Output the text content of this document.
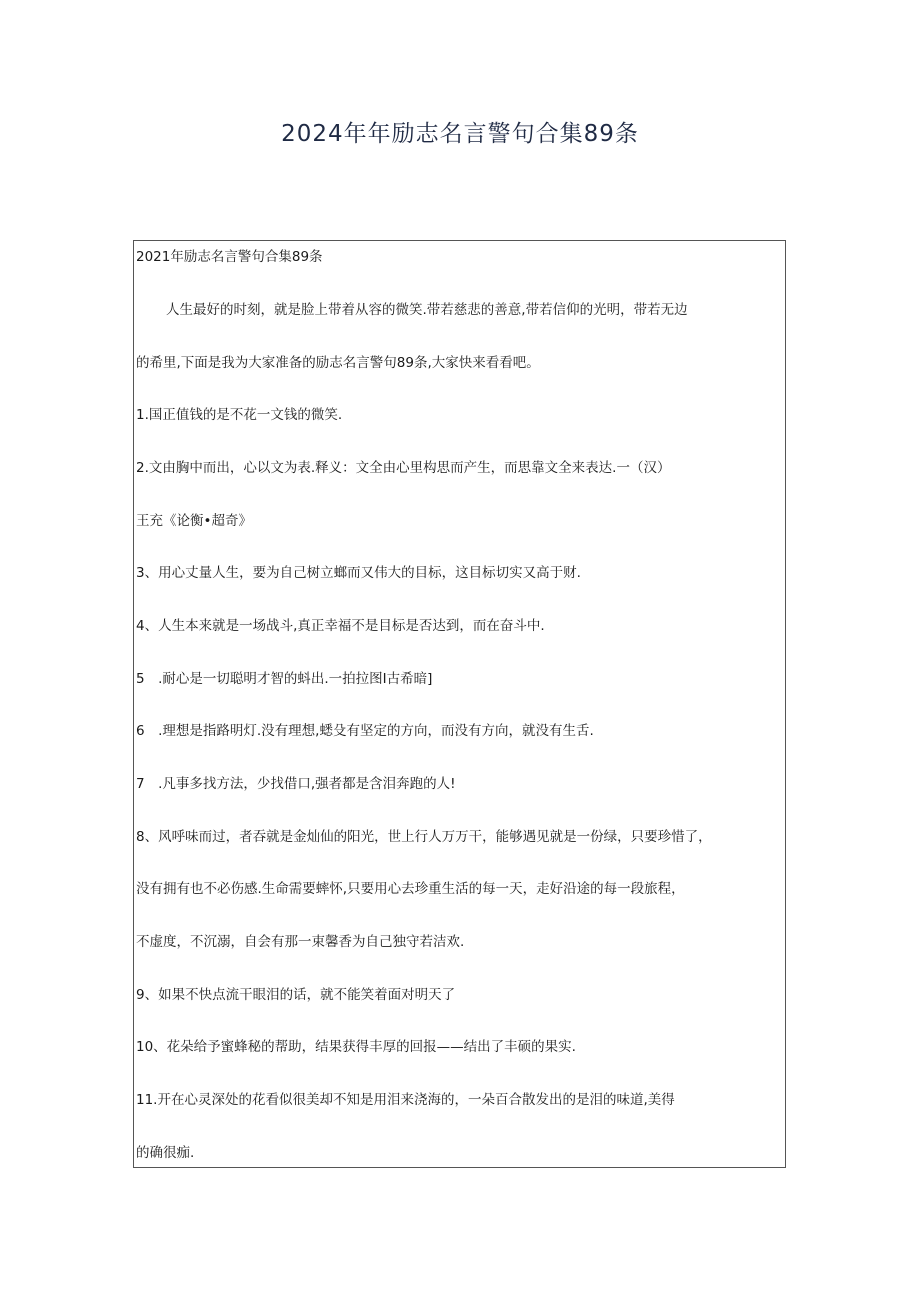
2024年年励志名言警句合集89条

2021年励志名言警句合集89条

人生最好的时刻，就是脸上带着从容的微笑.带若慈悲的善意,带若信仰的光明，带若无边

的希里,下面是我为大家准备的励志名言警句89条,大家快来看看吧。

1.国正值钱的是不花一文钱的微笑.

2.文由胸中而出，心以文为表.释义：文全由心里构思而产生，而思靠文全来表达.一（汉）

王充《论衡•超奇》

3、用心丈量人生，要为自己树立螂而又伟大的目标，这目标切实又高于财.

4、人生本来就是一场战斗,真正幸福不是目标是否达到，而在奋斗中.

5　.耐心是一切聪明才智的蚪出.一拍拉图I古希暗]

6　.理想是指路明灯.没有理想,蟋殳有坚定的方向，而没有方向，就没有生舌.

7　.凡事多找方法，少找借口,强者都是含泪奔跑的人!

8、风呼味而过，者吞就是金灿仙的阳光，世上行人万万干，能够遇见就是一份绿，只要珍惜了，

没有拥有也不必伤感.生命需要蟀怀,只要用心去珍重生活的每一天，走好沿途的每一段旅程，

不虚度，不沉溺，自会有那一束馨香为自己独守若洁欢.

9、如果不快点流干眼泪的话，就不能笑着面对明天了

10、花朵给予蜜蜂秘的帮助，结果获得丰厚的回报——结出了丰硕的果实.

11.开在心灵深处的花看似很美却不知是用泪来浇海的，一朵百合散发出的是泪的味道,美得

的确很痂.
